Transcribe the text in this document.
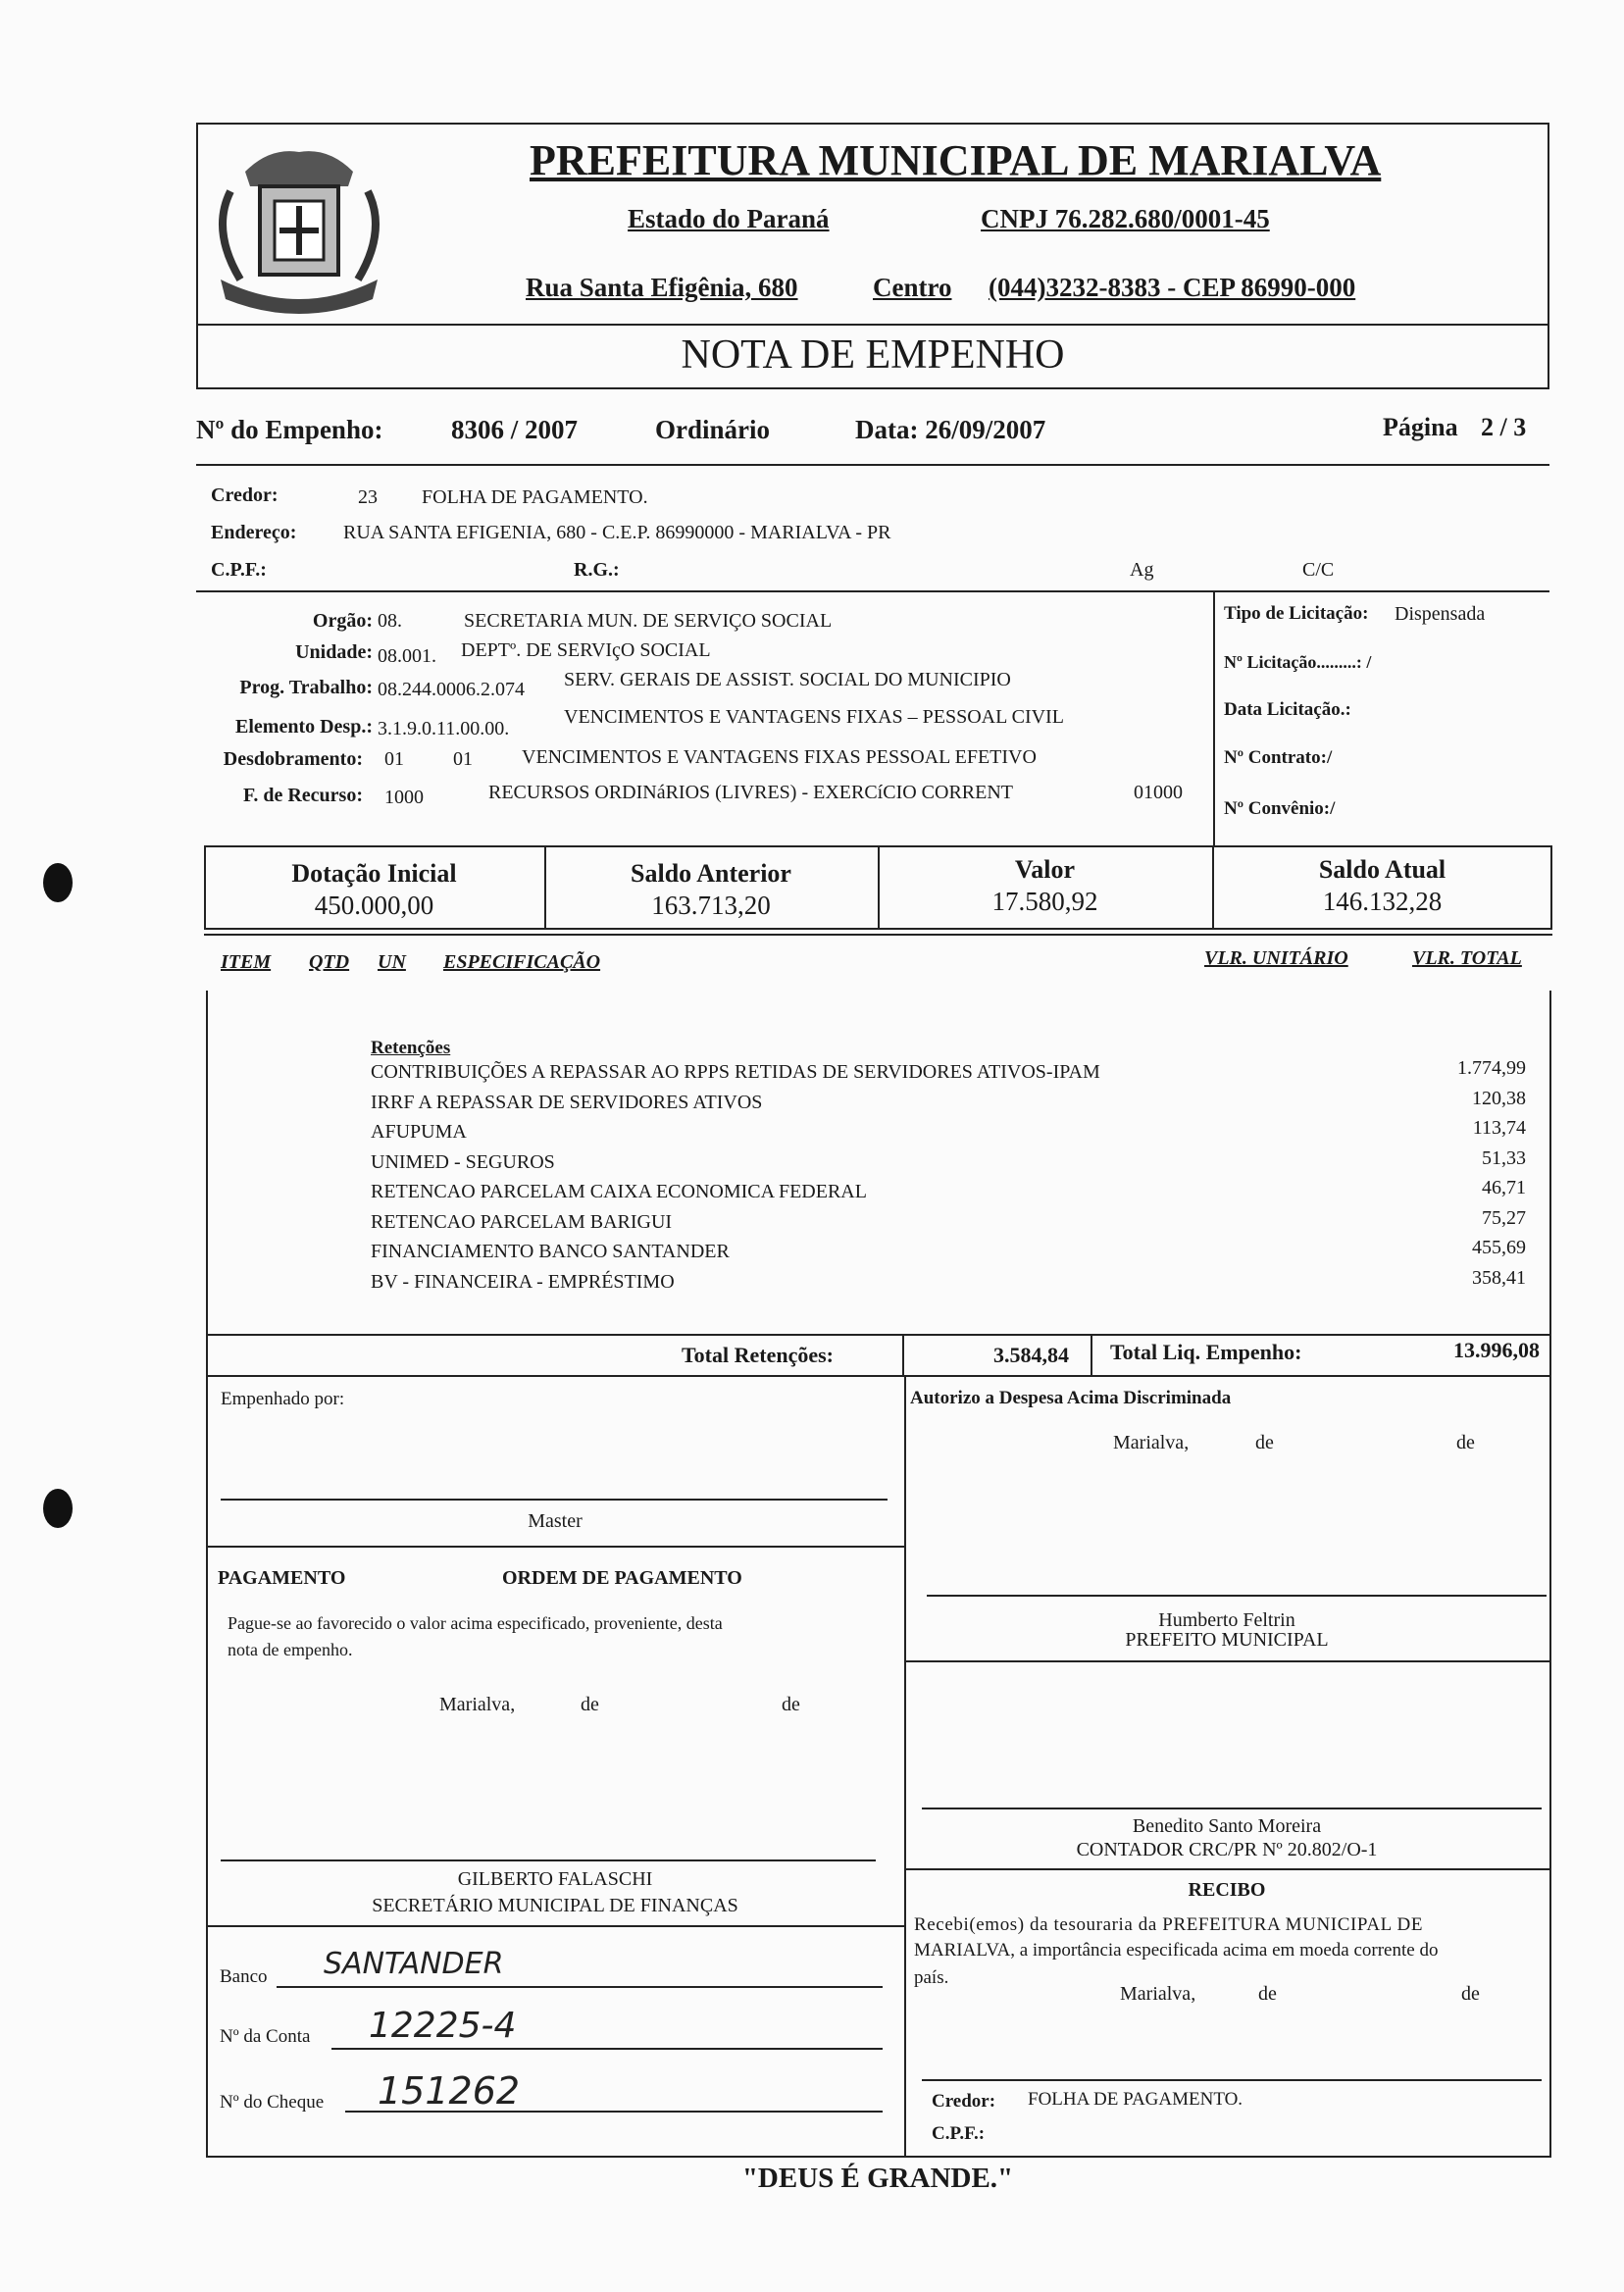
PREFEITURA MUNICIPAL DE MARIALVA
Estado do Paraná	CNPJ 76.282.680/0001-45
Rua Santa Efigênia, 680	Centro (044)3232-8383 - CEP 86990-000
NOTA DE EMPENHO
Nº do Empenho:	8306 / 2007	Ordinário	Data: 26/09/2007	Página 2 / 3
Credor:	23 FOLHA DE PAGAMENTO.
Endereço: RUA SANTA EFIGENIA, 680 - C.E.P. 86990000 - MARIALVA - PR
C.P.F.:	R.G.:	Ag	C/C
Orgão: 08.	SECRETARIA MUN. DE SERVIÇO SOCIAL
Unidade: 08.001. DEPTº. DE SERVIçO SOCIAL
Prog. Trabalho: 08.244.0006.2.074 SERV. GERAIS DE ASSIST. SOCIAL DO MUNICIPIO
Elemento Desp.: 3.1.9.0.11.00.00.
VENCIMENTOS E VANTAGENS FIXAS – PESSOAL CIVIL
Desdobramento: 01	01	VENCIMENTOS E VANTAGENS FIXAS PESSOAL EFETIVO
F. de Recurso: 1000	RECURSOS ORDINáRIOS (LIVRES) - EXERCíCIO CORRENT	01000
Tipo de Licitação: Dispensada
Nº Licitação.........: /
Data Licitação.:
Nº Contrato:/
Nº Convênio:/
Dotação Inicial
450.000,00
Saldo Anterior
163.713,20
Valor
17.580,92
Saldo Atual
146.132,28
ITEM QTD UN ESPECIFICAÇÃO	VLR. UNITÁRIO	VLR. TOTAL
Retenções
CONTRIBUIÇÕES A REPASSAR AO RPPS RETIDAS DE SERVIDORES ATIVOS-IPAM	1.774,99
IRRF A REPASSAR DE SERVIDORES ATIVOS	120,38
AFUPUMA	113,74
UNIMED - SEGUROS	51,33
RETENCAO PARCELAM CAIXA ECONOMICA FEDERAL	46,71
RETENCAO PARCELAM BARIGUI	75,27
FINANCIAMENTO BANCO SANTANDER	455,69
BV - FINANCEIRA - EMPRÉSTIMO	358,41
Total Retenções:	3.584,84 Total Liq. Empenho:	13.996,08
Empenhado por:
Master
PAGAMENTO	ORDEM DE PAGAMENTO
Pague-se ao favorecido o valor acima especificado, proveniente, desta
nota de empenho.
Marialva,	de	de
GILBERTO FALASCHI
SECRETÁRIO MUNICIPAL DE FINANÇAS
Banco SANTANDER
Nº da Conta 12225-4
Nº do Cheque 151262
Autorizo a Despesa Acima Discriminada
Marialva,	de	de
Humberto Feltrin
PREFEITO MUNICIPAL
Benedito Santo Moreira
CONTADOR CRC/PR Nº 20.802/O-1
RECIBO
Recebi(emos) da tesouraria da PREFEITURA MUNICIPAL DE
MARIALVA, a importância especificada acima em moeda corrente do
país.
Marialva,	de	de
Credor: FOLHA DE PAGAMENTO.
C.P.F.:
"DEUS É GRANDE."
